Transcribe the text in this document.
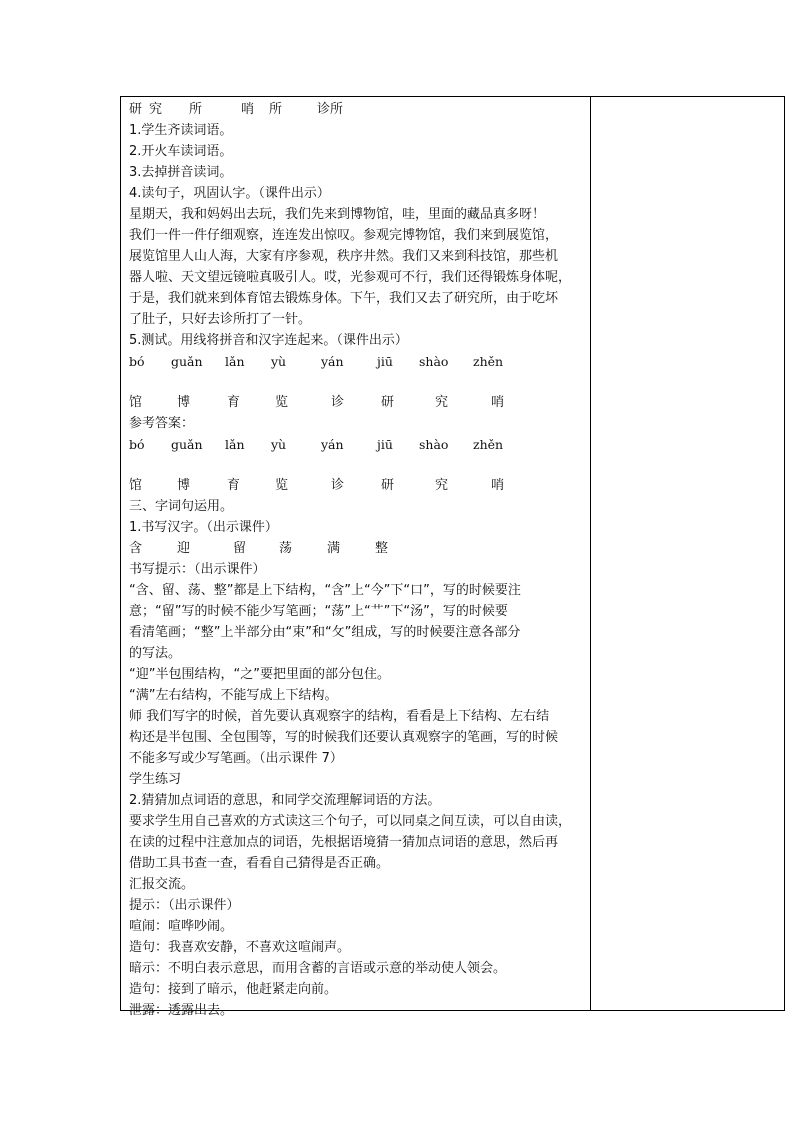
研 究 所	哨 所	诊所

1.学生齐读词语。

2.开火车读词语。

3.去掉拼音读词。

4.读句子，巩固认字。（课件出示）

星期天，我和妈妈出去玩，我们先来到博物馆，哇，里面的藏品真多呀！

我们一件一件仔细观察，连连发出惊叹。参观完博物馆，我们来到展览馆，

展览馆里人山人海，大家有序参观，秩序井然。我们又来到科技馆，那些机

器人啦、天文望远镜啦真吸引人。哎，光参观可不行，我们还得锻炼身体呢，

于是，我们就来到体育馆去锻炼身体。下午，我们又去了研究所，由于吃坏

了肚子，只好去诊所打了一针。

5.测试。用线将拼音和汉字连起来。（课件出示）

bó guǎn lǎn yù	yán	jiū shào zhěn
馆	博	育	览	诊	研	究	哨

参考答案：

bó guǎn lǎn yù	yán	jiū shào zhěn
馆	博	育	览	诊	研	究	哨

三、字词句运用。

1.书写汉字。（出示课件）

含	迎	留	荡	满	整

书写提示：（出示课件）

“含、留、荡、整”都是上下结构，“含”上“今”下“口”，写的时候要注

意；“留”写的时候不能少写笔画；“荡”上“艹”下“汤”，写的时候要

看清笔画；“整”上半部分由“束”和“攵”组成，写的时候要注意各部分

的写法。

“迎”半包围结构，“之”要把里面的部分包住。

“满”左右结构，不能写成上下结构。

师 我们写字的时候，首先要认真观察字的结构，看看是上下结构、左右结

构还是半包围、全包围等，写的时候我们还要认真观察字的笔画，写的时候

不能多写或少写笔画。（出示课件 7）

学生练习

2.猜猜加点词语的意思，和同学交流理解词语的方法。

要求学生用自己喜欢的方式读这三个句子，可以同桌之间互读，可以自由读，

在读的过程中注意加点的词语，先根据语境猜一猜加点词语的意思，然后再

借助工具书查一查，看看自己猜得是否正确。

汇报交流。

提示：（出示课件）

喧闹：喧哗吵闹。

造句：我喜欢安静，不喜欢这喧闹声。

暗示：不明白表示意思，而用含蓄的言语或示意的举动使人领会。

造句：接到了暗示，他赶紧走向前。

泄露：透露出去。
